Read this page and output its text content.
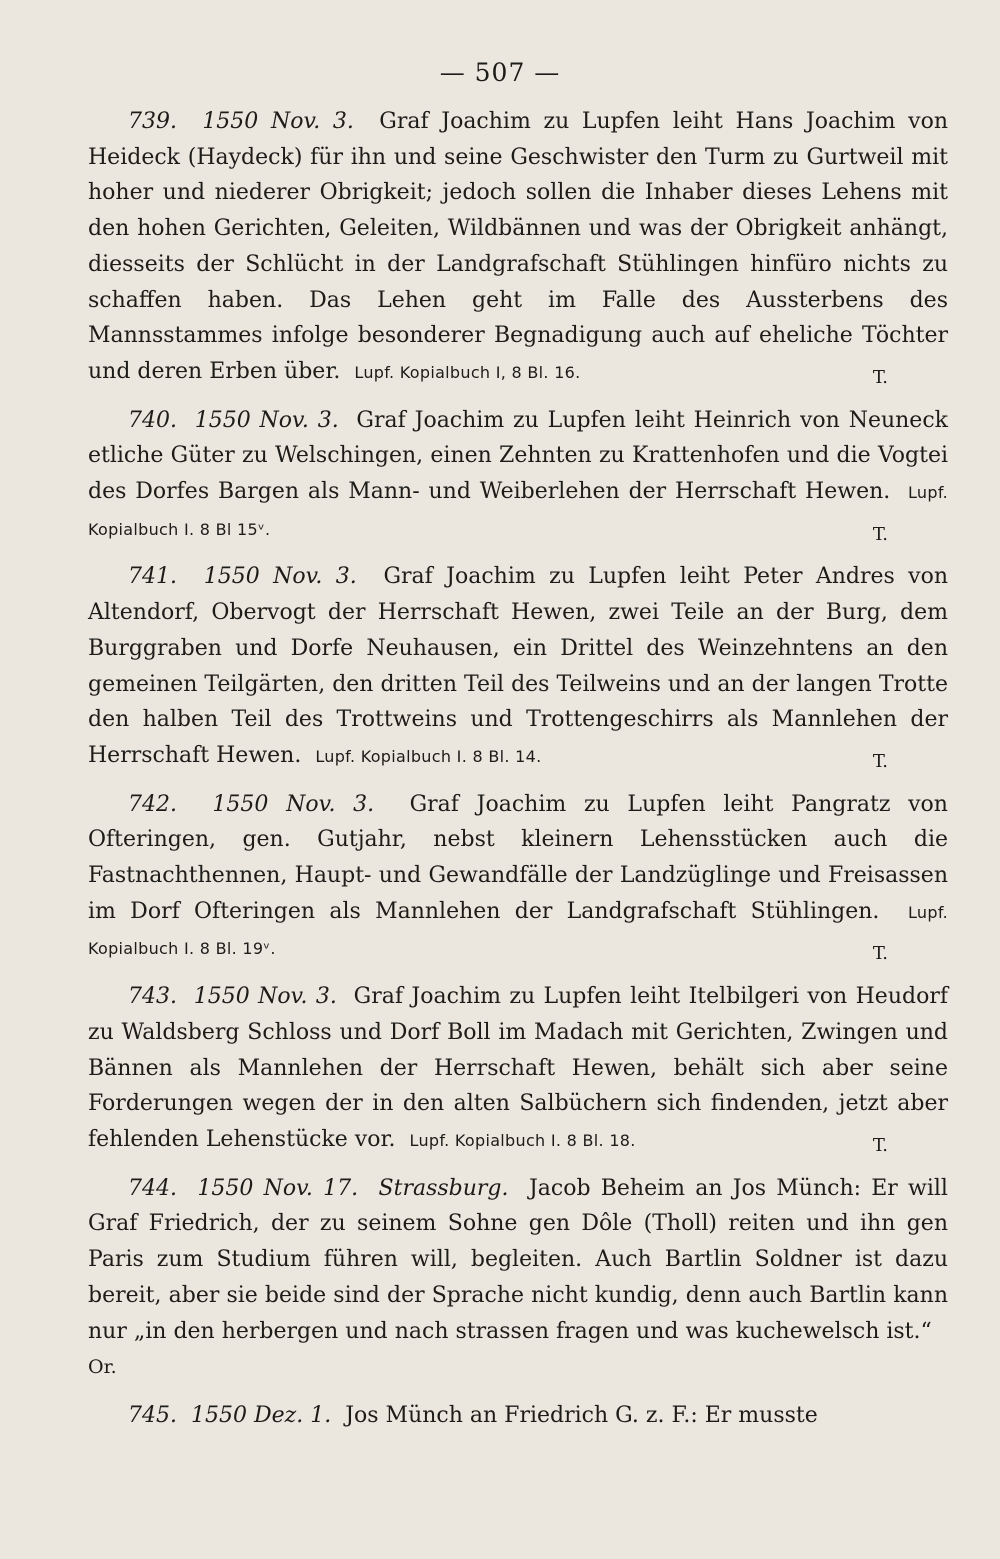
— 507 —

739. 1550 Nov. 3. Graf Joachim zu Lupfen leiht Hans Joachim von Heideck (Haydeck) für ihn und seine Geschwister den Turm zu Gurtweil mit hoher und niederer Obrigkeit; jedoch sollen die Inhaber dieses Lehens mit den hohen Gerichten, Geleiten, Wildbännen und was der Obrigkeit anhängt, diesseits der Schlücht in der Landgrafschaft Stühlingen hinfüro nichts zu schaffen haben. Das Lehen geht im Falle des Aussterbens des Mannsstammes infolge besonderer Begnadigung auch auf eheliche Töchter und deren Erben über. Lupf. Kopialbuch I, 8 Bl. 16.	T.

740. 1550 Nov. 3. Graf Joachim zu Lupfen leiht Heinrich von Neuneck etliche Güter zu Welschingen, einen Zehnten zu Krattenhofen und die Vogtei des Dorfes Bargen als Mann- und Weiberlehen der Herrschaft Hewen. Lupf. Kopialbuch I. 8 Bl 15ᵛ.	T.

741. 1550 Nov. 3. Graf Joachim zu Lupfen leiht Peter Andres von Altendorf, Obervogt der Herrschaft Hewen, zwei Teile an der Burg, dem Burggraben und Dorfe Neuhausen, ein Drittel des Weinzehntens an den gemeinen Teilgärten, den dritten Teil des Teilweins und an der langen Trotte den halben Teil des Trottweins und Trottengeschirrs als Mannlehen der Herrschaft Hewen. Lupf. Kopialbuch I. 8 Bl. 14.	T.

742. 1550 Nov. 3. Graf Joachim zu Lupfen leiht Pangratz von Ofteringen, gen. Gutjahr, nebst kleinern Lehensstücken auch die Fastnachthennen, Haupt- und Gewandfälle der Landzüglinge und Freisassen im Dorf Ofteringen als Mannlehen der Landgrafschaft Stühlingen. Lupf. Kopialbuch I. 8 Bl. 19ᵛ.	T.

743. 1550 Nov. 3. Graf Joachim zu Lupfen leiht Itelbilgeri von Heudorf zu Waldsberg Schloss und Dorf Boll im Madach mit Gerichten, Zwingen und Bännen als Mannlehen der Herrschaft Hewen, behält sich aber seine Forderungen wegen der in den alten Salbüchern sich findenden, jetzt aber fehlenden Lehenstücke vor. Lupf. Kopialbuch I. 8 Bl. 18.	T.

744. 1550 Nov. 17. Strassburg. Jacob Beheim an Jos Münch: Er will Graf Friedrich, der zu seinem Sohne gen Dôle (Tholl) reiten und ihn gen Paris zum Studium führen will, begleiten. Auch Bartlin Soldner ist dazu bereit, aber sie beide sind der Sprache nicht kundig, denn auch Bartlin kann nur „in den herbergen und nach strassen fragen und was kuchewelsch ist.“
Or.

745. 1550 Dez. 1. Jos Münch an Friedrich G. z. F.: Er musste
